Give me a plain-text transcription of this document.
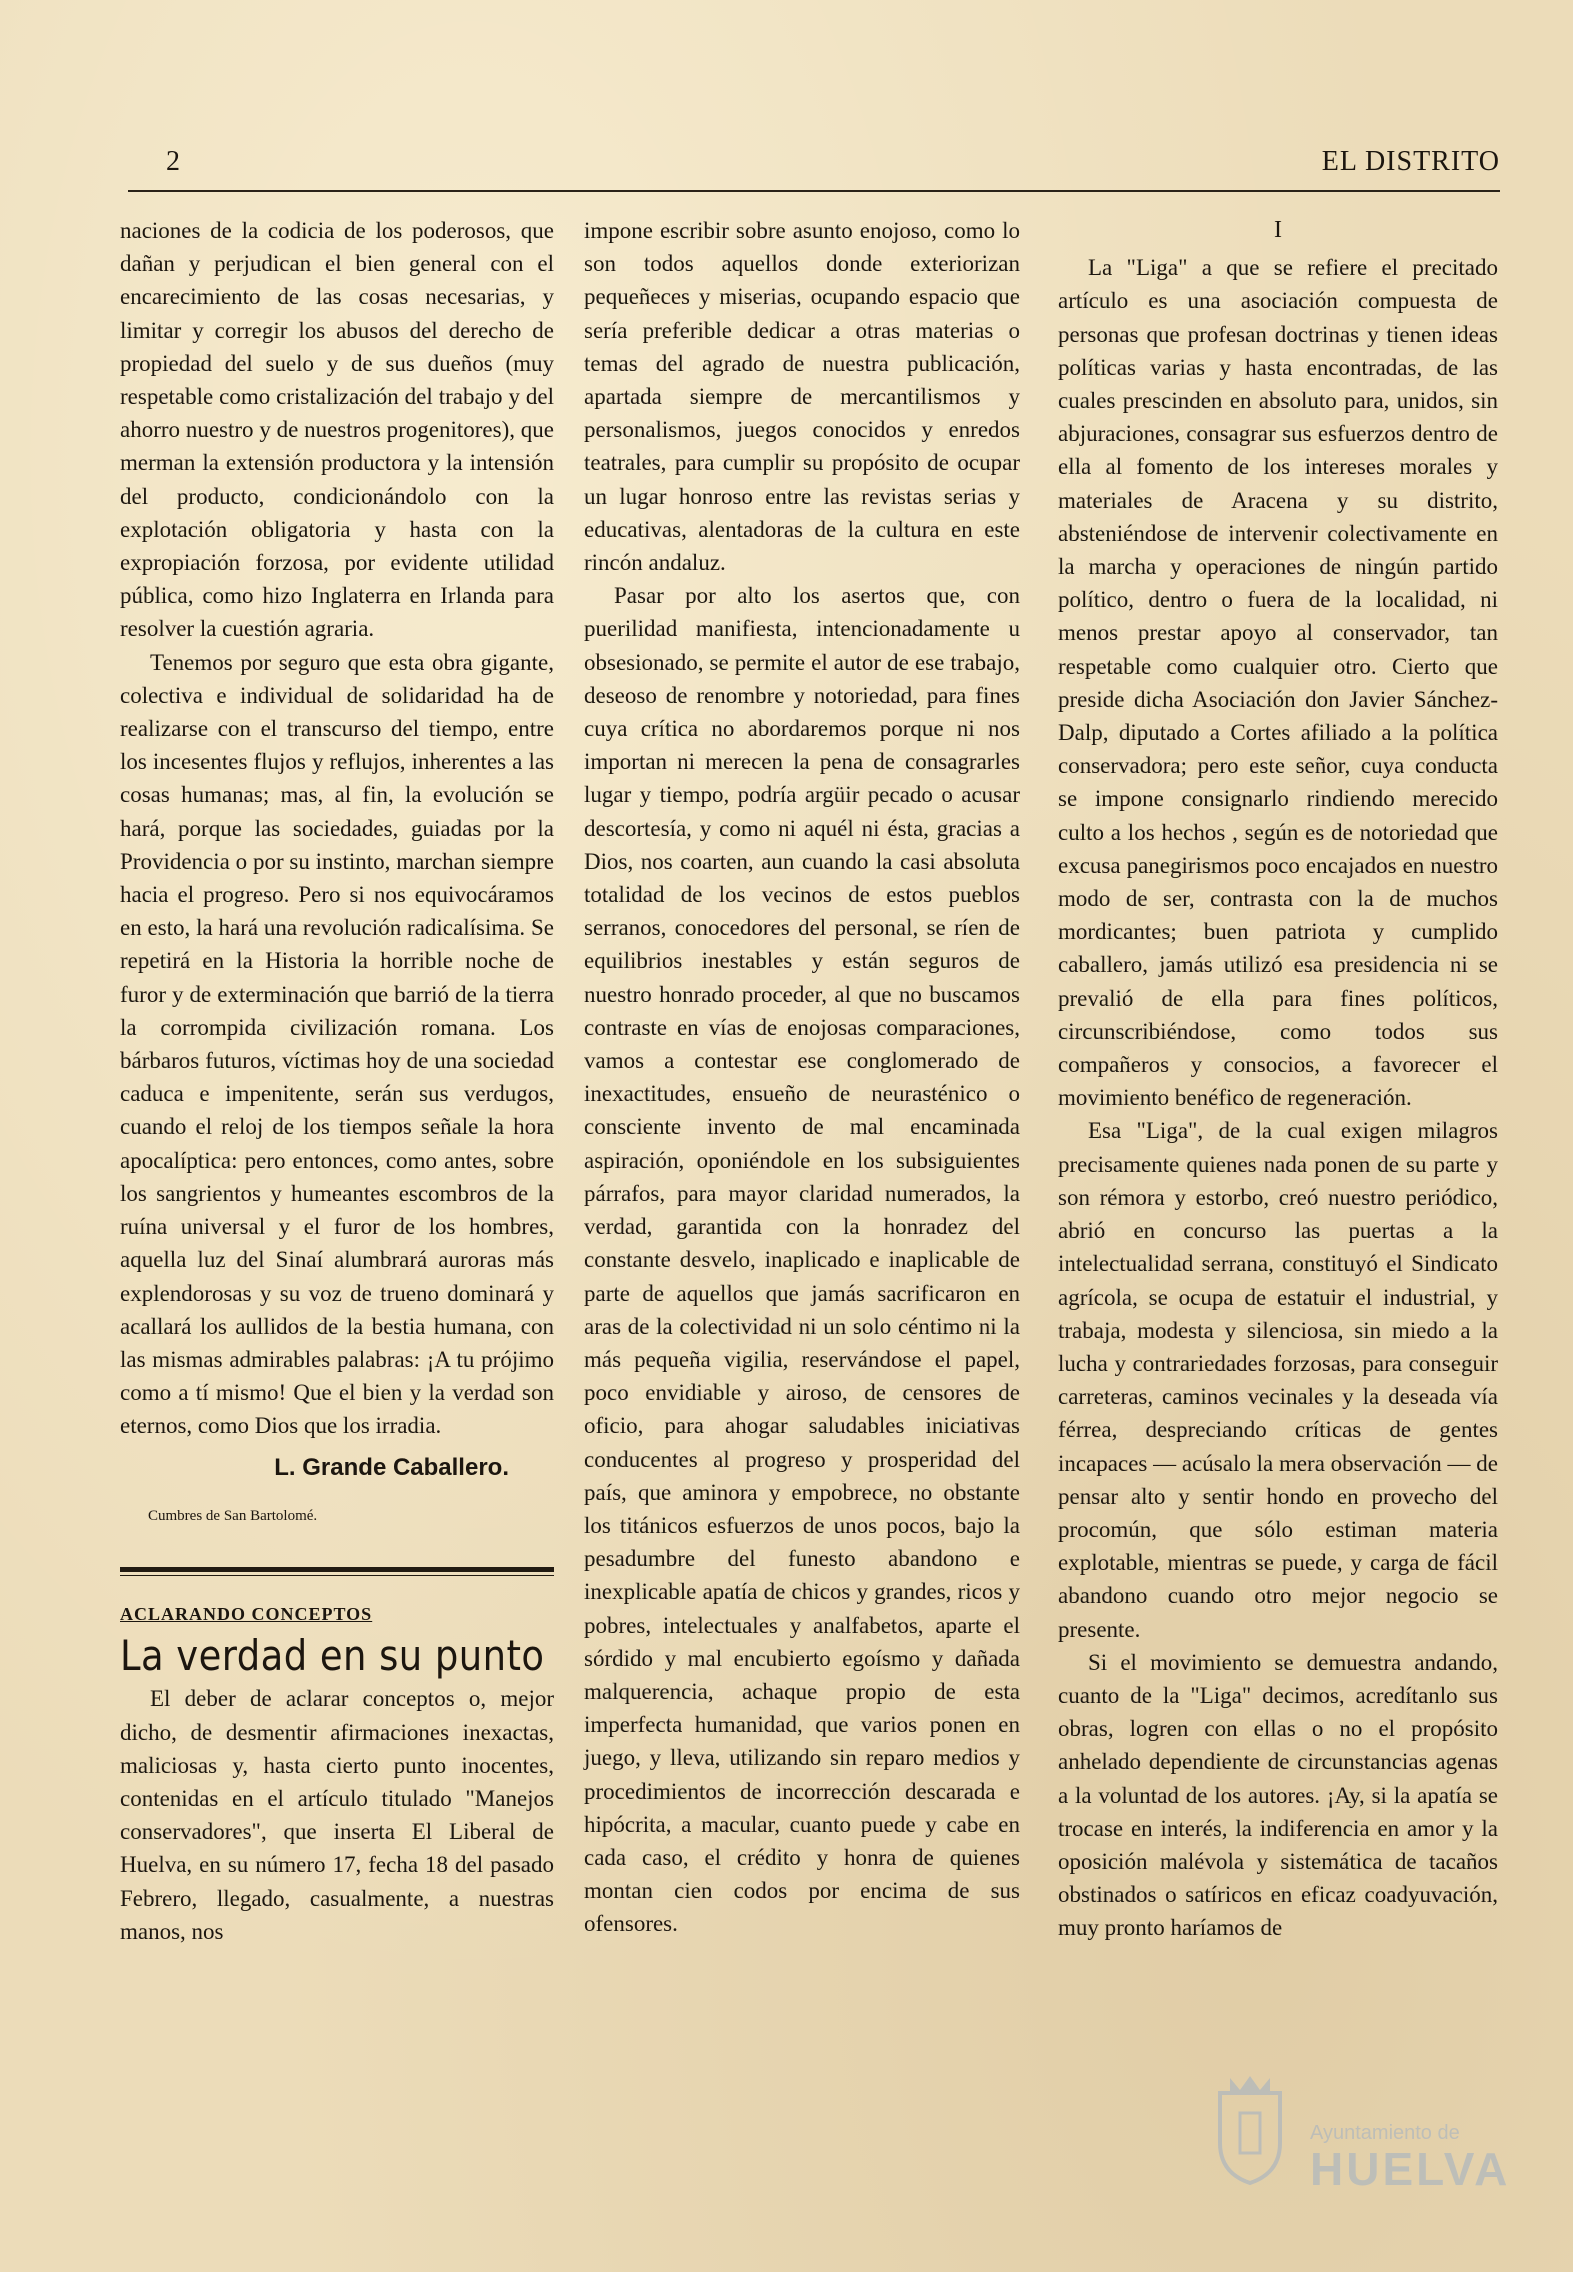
2	EL DISTRITO

naciones de la codicia de los poderosos, que dañan y perjudican el bien general con el encarecimiento de las cosas necesarias, y limitar y corregir los abusos del derecho de propiedad del suelo y de sus dueños (muy respetable como cristalización del trabajo y del ahorro nuestro y de nuestros progenitores), que merman la extensión productora y la intensión del producto, condicionándolo con la explotación obligatoria y hasta con la expropiación forzosa, por evidente utilidad pública, como hizo Inglaterra en Irlanda para resolver la cuestión agraria.

Tenemos por seguro que esta obra gigante, colectiva e individual de solidaridad ha de realizarse con el transcurso del tiempo, entre los incesentes flujos y reflujos, inherentes a las cosas humanas; mas, al fin, la evolución se hará, porque las sociedades, guiadas por la Providencia o por su instinto, marchan siempre hacia el progreso. Pero si nos equivocáramos en esto, la hará una revolución radicalísima. Se repetirá en la Historia la horrible noche de furor y de exterminación que barrió de la tierra la corrompida civilización romana. Los bárbaros futuros, víctimas hoy de una sociedad caduca e impenitente, serán sus verdugos, cuando el reloj de los tiempos señale la hora apocalíptica: pero entonces, como antes, sobre los sangrientos y humeantes escombros de la ruína universal y el furor de los hombres, aquella luz del Sinaí alumbrará auroras más explendorosas y su voz de trueno dominará y acallará los aullidos de la bestia humana, con las mismas admirables palabras: ¡A tu prójimo como a tí mismo! Que el bien y la verdad son eternos, como Dios que los irradia.

L. Grande Caballero.
Cumbres de San Bartolomé.
ACLARANDO CONCEPTOS
La verdad en su punto

El deber de aclarar conceptos o, mejor dicho, de desmentir afirmaciones inexactas, maliciosas y, hasta cierto punto inocentes, contenidas en el artículo titulado "Manejos conservadores", que inserta El Liberal de Huelva, en su número 17, fecha 18 del pasado Febrero, llegado, casualmente, a nuestras manos, nos

impone escribir sobre asunto enojoso, como lo son todos aquellos donde exteriorizan pequeñeces y miserias, ocupando espacio que sería preferible dedicar a otras materias o temas del agrado de nuestra publicación, apartada siempre de mercantilismos y personalismos, juegos conocidos y enredos teatrales, para cumplir su propósito de ocupar un lugar honroso entre las revistas serias y educativas, alentadoras de la cultura en este rincón andaluz.

Pasar por alto los asertos que, con puerilidad manifiesta, intencionadamente u obsesionado, se permite el autor de ese trabajo, deseoso de renombre y notoriedad, para fines cuya crítica no abordaremos porque ni nos importan ni merecen la pena de consagrarles lugar y tiempo, podría argüir pecado o acusar descortesía, y como ni aquél ni ésta, gracias a Dios, nos coarten, aun cuando la casi absoluta totalidad de los vecinos de estos pueblos serranos, conocedores del personal, se ríen de equilibrios inestables y están seguros de nuestro honrado proceder, al que no buscamos contraste en vías de enojosas comparaciones, vamos a contestar ese conglomerado de inexactitudes, ensueño de neurasténico o consciente invento de mal encaminada aspiración, oponiéndole en los subsiguientes párrafos, para mayor claridad numerados, la verdad, garantida con la honradez del constante desvelo, inaplicado e inaplicable de parte de aquellos que jamás sacrificaron en aras de la colectividad ni un solo céntimo ni la más pequeña vigilia, reservándose el papel, poco envidiable y airoso, de censores de oficio, para ahogar saludables iniciativas conducentes al progreso y prosperidad del país, que aminora y empobrece, no obstante los titánicos esfuerzos de unos pocos, bajo la pesadumbre del funesto abandono e inexplicable apatía de chicos y grandes, ricos y pobres, intelectuales y analfabetos, aparte el sórdido y mal encubierto egoísmo y dañada malquerencia, achaque propio de esta imperfecta humanidad, que varios ponen en juego, y lleva, utilizando sin reparo medios y procedimientos de incorrección descarada e hipócrita, a macular, cuanto puede y cabe en cada caso, el crédito y honra de quienes montan cien codos por encima de sus ofensores.

I

La "Liga" a que se refiere el precitado artículo es una asociación compuesta de personas que profesan doctrinas y tienen ideas políticas varias y hasta encontradas, de las cuales prescinden en absoluto para, unidos, sin abjuraciones, consagrar sus esfuerzos dentro de ella al fomento de los intereses morales y materiales de Aracena y su distrito, absteniéndose de intervenir colectivamente en la marcha y operaciones de ningún partido político, dentro o fuera de la localidad, ni menos prestar apoyo al conservador, tan respetable como cualquier otro. Cierto que preside dicha Asociación don Javier Sánchez-Dalp, diputado a Cortes afiliado a la política conservadora; pero este señor, cuya conducta se impone consignarlo rindiendo merecido culto a los hechos , según es de notoriedad que excusa panegirismos poco encajados en nuestro modo de ser, contrasta con la de muchos mordicantes; buen patriota y cumplido caballero, jamás utilizó esa presidencia ni se prevalió de ella para fines políticos, circunscribiéndose, como todos sus compañeros y consocios, a favorecer el movimiento benéfico de regeneración.

Esa "Liga", de la cual exigen milagros precisamente quienes nada ponen de su parte y son rémora y estorbo, creó nuestro periódico, abrió en concurso las puertas a la intelectualidad serrana, constituyó el Sindicato agrícola, se ocupa de estatuir el industrial, y trabaja, modesta y silenciosa, sin miedo a la lucha y contrariedades forzosas, para conseguir carreteras, caminos vecinales y la deseada vía férrea, despreciando críticas de gentes incapaces — acúsalo la mera observación — de pensar alto y sentir hondo en provecho del procomún, que sólo estiman materia explotable, mientras se puede, y carga de fácil abandono cuando otro mejor negocio se presente.

Si el movimiento se demuestra andando, cuanto de la "Liga" decimos, acredítanlo sus obras, logren con ellas o no el propósito anhelado dependiente de circunstancias agenas a la voluntad de los autores. ¡Ay, si la apatía se trocase en interés, la indiferencia en amor y la oposición malévola y sistemática de tacaños obstinados o satíricos en eficaz coadyuvación, muy pronto haríamos de

Ayuntamiento de
HUELVA
